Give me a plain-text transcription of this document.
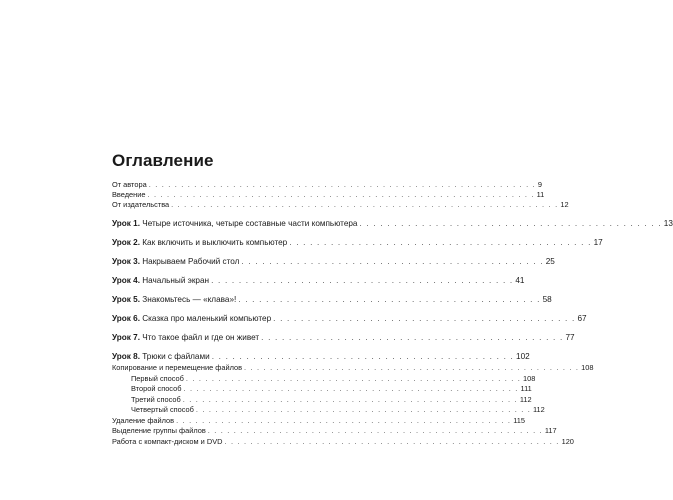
Оглавление
От автора . . . . . . . . . . . . . . . . . . . . . . . . . . . . . . . . . . . . . . . . . . . . . . . . . . . . . . . . . . . . 9
Введение . . . . . . . . . . . . . . . . . . . . . . . . . . . . . . . . . . . . . . . . . . . . . . . . . . . . . . . . . . . . 11
От издательства . . . . . . . . . . . . . . . . . . . . . . . . . . . . . . . . . . . . . . . . . . . . . . . . . . . . . . . . . . . . 12
Урок 1. Четыре источника, четыре составные части компьютера . . . . . . . . . . . . . . . . . . . . . . . . . . . . . . . . . . . . . . . . . . . . 13
Урок 2. Как включить и выключить компьютер . . . . . . . . . . . . . . . . . . . . . . . . . . . . . . . . . . . . . . . . . . . . 17
Урок 3. Накрываем Рабочий стол . . . . . . . . . . . . . . . . . . . . . . . . . . . . . . . . . . . . . . . . . . . . 25
Урок 4. Начальный экран . . . . . . . . . . . . . . . . . . . . . . . . . . . . . . . . . . . . . . . . . . . . 41
Урок 5. Знакомьтесь — «клава»! . . . . . . . . . . . . . . . . . . . . . . . . . . . . . . . . . . . . . . . . . . . . 58
Урок 6. Сказка про маленький компьютер . . . . . . . . . . . . . . . . . . . . . . . . . . . . . . . . . . . . . . . . . . . . 67
Урок 7. Что такое файл и где он живет . . . . . . . . . . . . . . . . . . . . . . . . . . . . . . . . . . . . . . . . . . . . 77
Урок 8. Трюки с файлами . . . . . . . . . . . . . . . . . . . . . . . . . . . . . . . . . . . . . . . . . . . . 102
Копирование и перемещение файлов . . . . . . . . . . . . . . . . . . . . . . . . . . . . . . . . . . . . . . . . . . . . . . . . . . . . 108
Первый способ . . . . . . . . . . . . . . . . . . . . . . . . . . . . . . . . . . . . . . . . . . . . . . . . . . . . 108
Второй способ . . . . . . . . . . . . . . . . . . . . . . . . . . . . . . . . . . . . . . . . . . . . . . . . . . . . 111
Третий способ . . . . . . . . . . . . . . . . . . . . . . . . . . . . . . . . . . . . . . . . . . . . . . . . . . . . 112
Четвертый способ . . . . . . . . . . . . . . . . . . . . . . . . . . . . . . . . . . . . . . . . . . . . . . . . . . . . 112
Удаление файлов . . . . . . . . . . . . . . . . . . . . . . . . . . . . . . . . . . . . . . . . . . . . . . . . . . . . 115
Выделение группы файлов . . . . . . . . . . . . . . . . . . . . . . . . . . . . . . . . . . . . . . . . . . . . . . . . . . . . 117
Работа с компакт-диском и DVD . . . . . . . . . . . . . . . . . . . . . . . . . . . . . . . . . . . . . . . . . . . . . . . . . . . . 120
